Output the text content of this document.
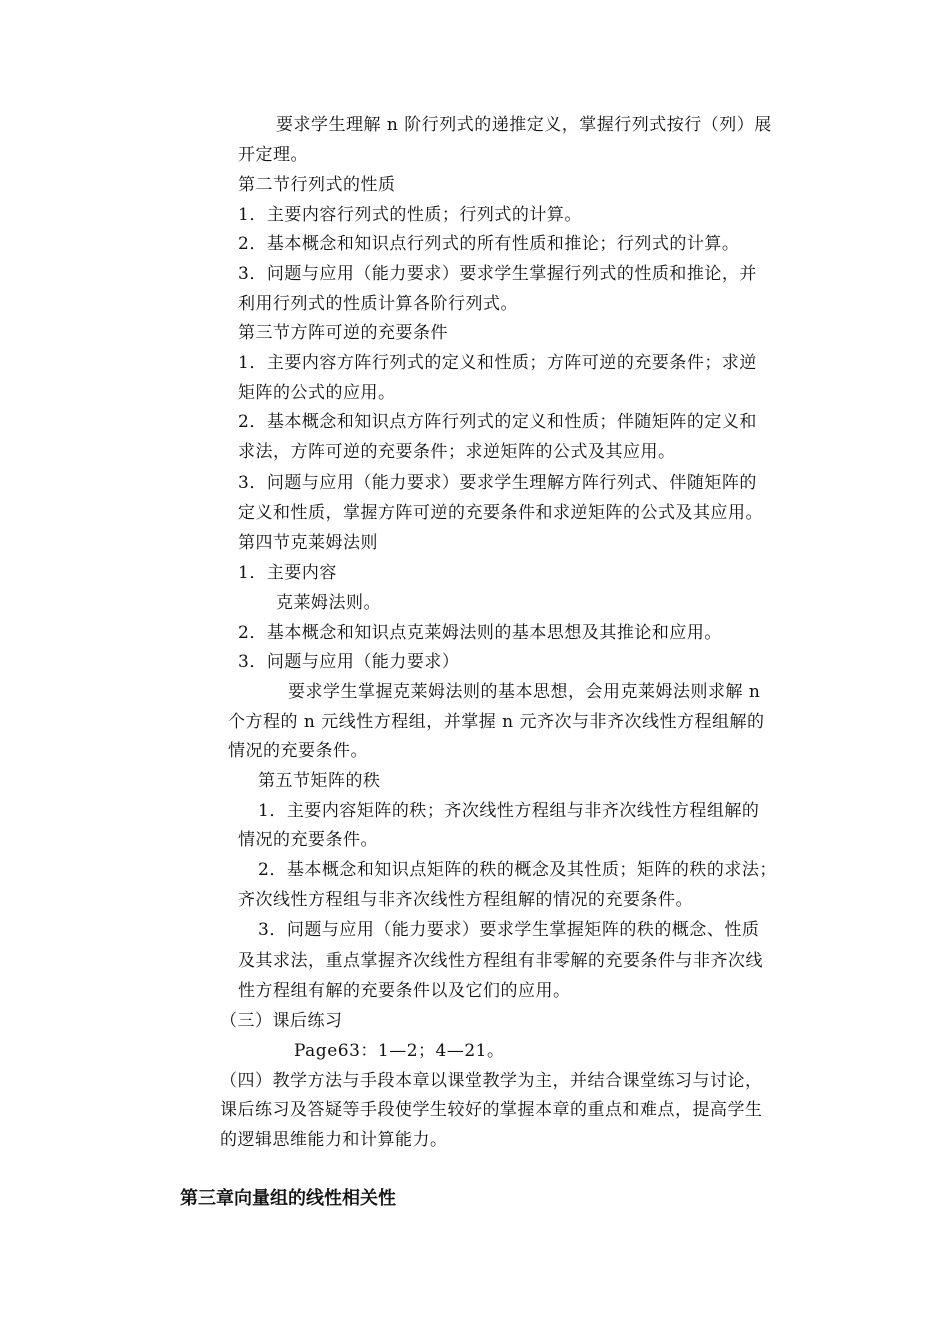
要求学生理解 n 阶行列式的递推定义，掌握行列式按行（列）展
开定理。
第二节行列式的性质
1．主要内容行列式的性质；行列式的计算。
2．基本概念和知识点行列式的所有性质和推论；行列式的计算。
3．问题与应用（能力要求）要求学生掌握行列式的性质和推论，并
利用行列式的性质计算各阶行列式。
第三节方阵可逆的充要条件
1．主要内容方阵行列式的定义和性质；方阵可逆的充要条件；求逆
矩阵的公式的应用。
2．基本概念和知识点方阵行列式的定义和性质；伴随矩阵的定义和
求法，方阵可逆的充要条件；求逆矩阵的公式及其应用。
3．问题与应用（能力要求）要求学生理解方阵行列式、伴随矩阵的
定义和性质，掌握方阵可逆的充要条件和求逆矩阵的公式及其应用。
第四节克莱姆法则
1．主要内容
克莱姆法则。
2．基本概念和知识点克莱姆法则的基本思想及其推论和应用。
3．问题与应用（能力要求）
要求学生掌握克莱姆法则的基本思想，会用克莱姆法则求解 n
个方程的 n 元线性方程组，并掌握 n 元齐次与非齐次线性方程组解的
情况的充要条件。
第五节矩阵的秩
1．主要内容矩阵的秩；齐次线性方程组与非齐次线性方程组解的
情况的充要条件。
2．基本概念和知识点矩阵的秩的概念及其性质；矩阵的秩的求法；
齐次线性方程组与非齐次线性方程组解的情况的充要条件。
3．问题与应用（能力要求）要求学生掌握矩阵的秩的概念、性质
及其求法，重点掌握齐次线性方程组有非零解的充要条件与非齐次线
性方程组有解的充要条件以及它们的应用。
（三）课后练习
Page63：1—2；4—21。
（四）教学方法与手段本章以课堂教学为主，并结合课堂练习与讨论，
课后练习及答疑等手段使学生较好的掌握本章的重点和难点，提高学生
的逻辑思维能力和计算能力。
第三章向量组的线性相关性
